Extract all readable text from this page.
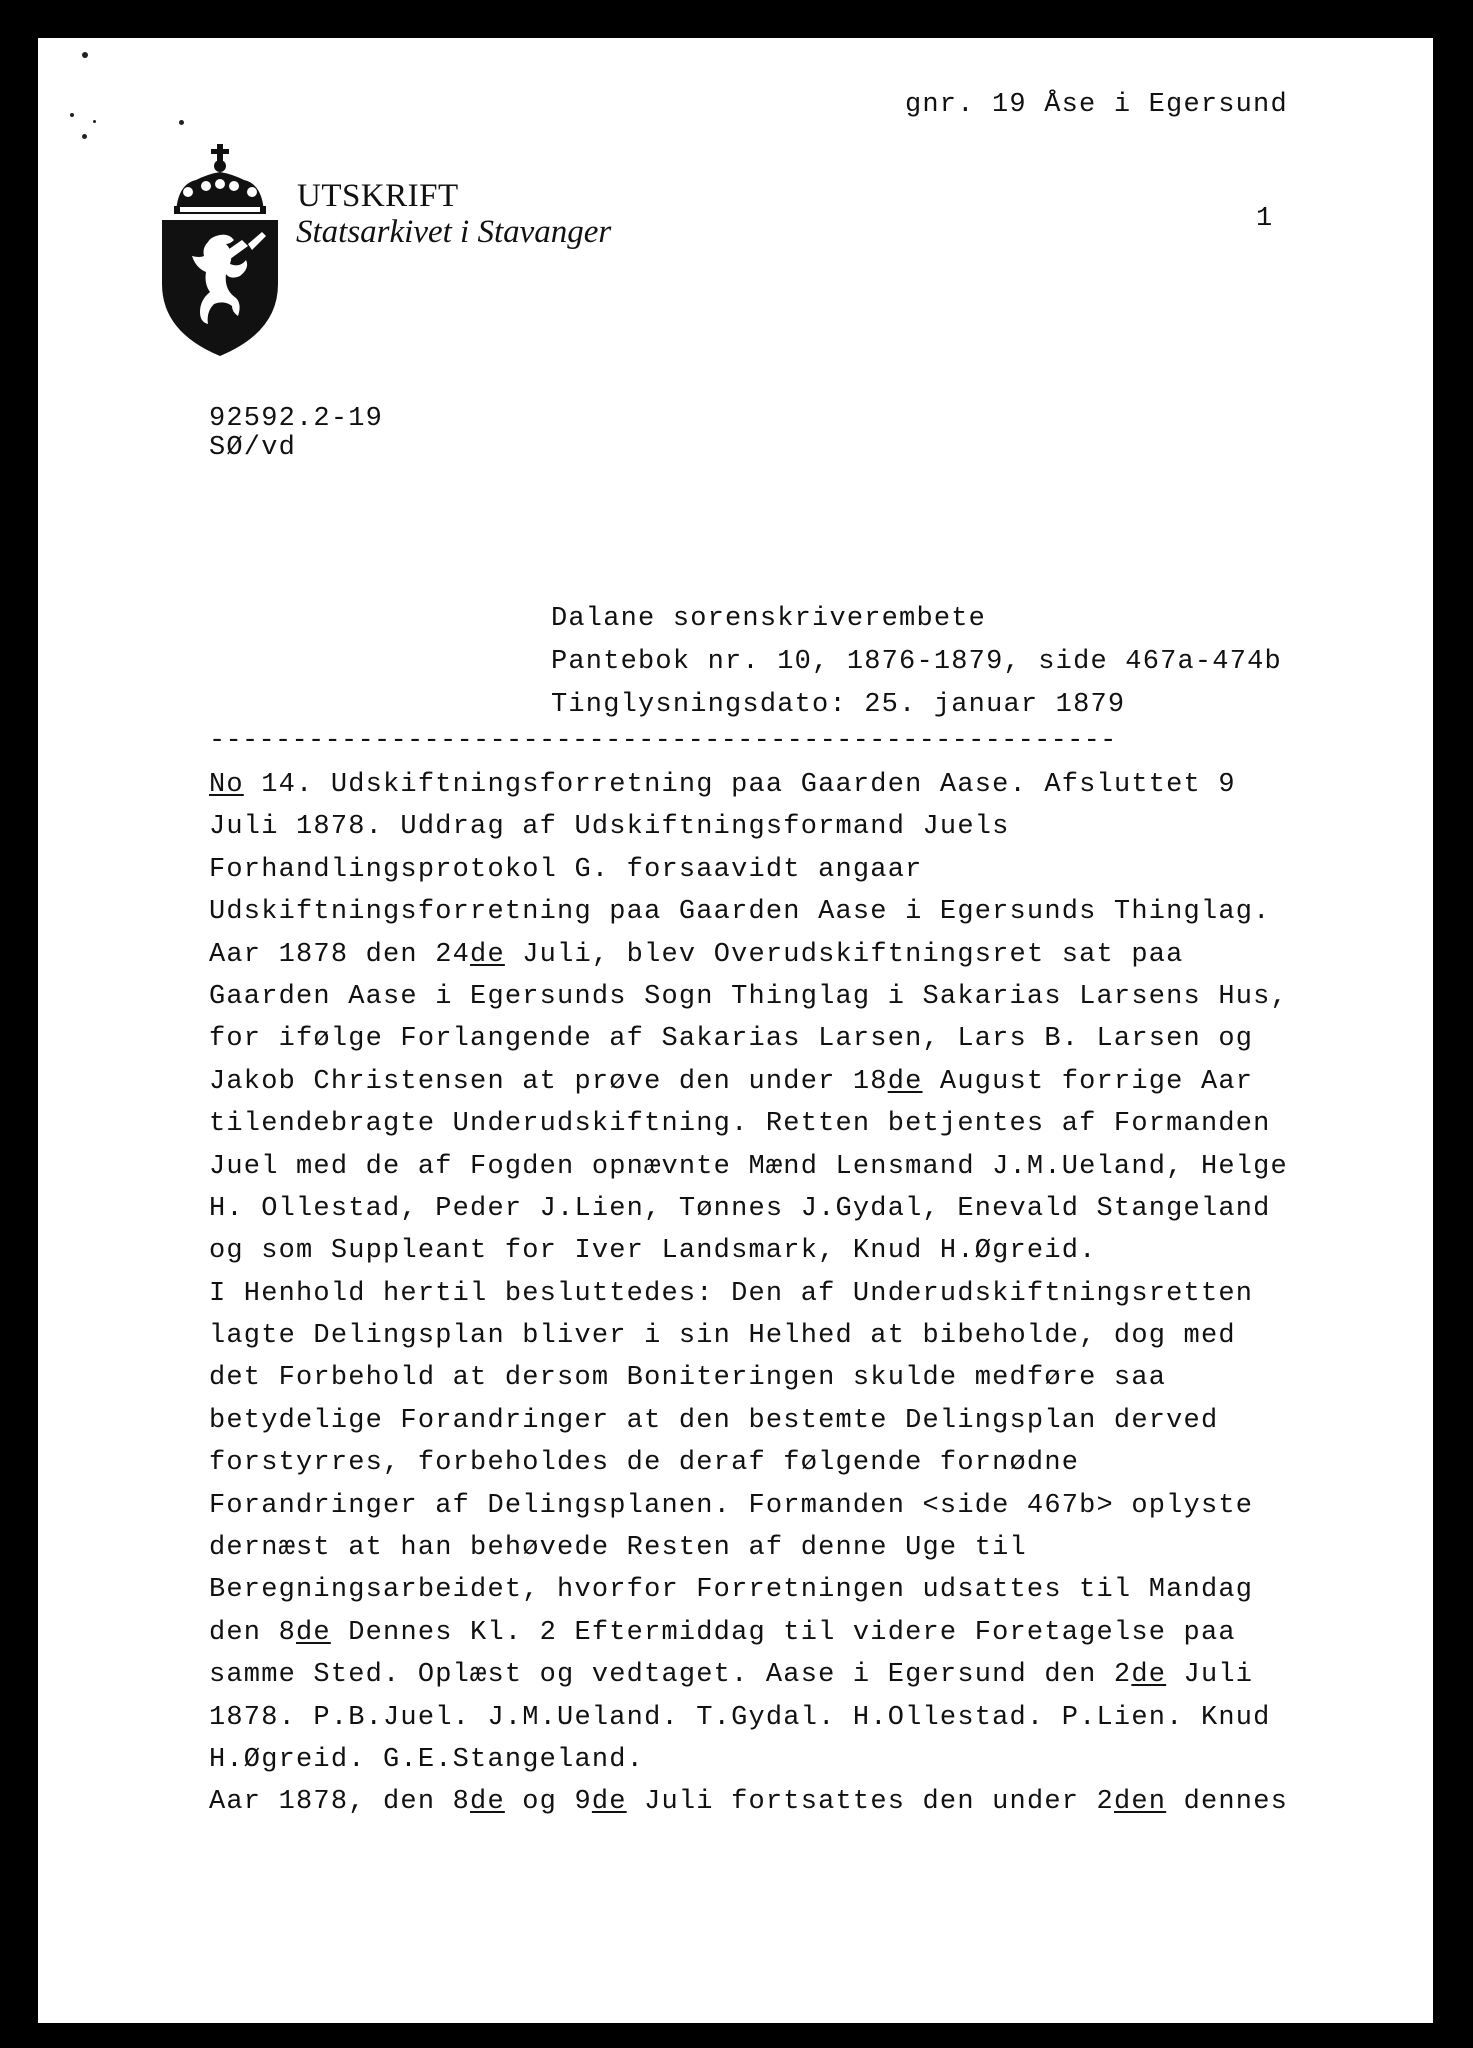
gnr. 19 Åse i Egersund
1
UTSKRIFT
Statsarkivet i Stavanger
92592.2-19
SØ/vd
Dalane sorenskriverembete
Pantebok nr. 10, 1876-1879, side 467a-474b
Tinglysningsdato: 25. januar 1879
-------------------------------------------------------
No 14. Udskiftningsforretning paa Gaarden Aase. Afsluttet 9
Juli 1878. Uddrag af Udskiftningsformand Juels
Forhandlingsprotokol G. forsaavidt angaar
Udskiftningsforretning paa Gaarden Aase i Egersunds Thinglag.
Aar 1878 den 24de Juli, blev Overudskiftningsret sat paa
Gaarden Aase i Egersunds Sogn Thinglag i Sakarias Larsens Hus,
for ifølge Forlangende af Sakarias Larsen, Lars B. Larsen og
Jakob Christensen at prøve den under 18de August forrige Aar
tilendebragte Underudskiftning. Retten betjentes af Formanden
Juel med de af Fogden opnævnte Mænd Lensmand J.M.Ueland, Helge
H. Ollestad, Peder J.Lien, Tønnes J.Gydal, Enevald Stangeland
og som Suppleant for Iver Landsmark, Knud H.Øgreid.
I Henhold hertil besluttedes: Den af Underudskiftningsretten
lagte Delingsplan bliver i sin Helhed at bibeholde, dog med
det Forbehold at dersom Boniteringen skulde medføre saa
betydelige Forandringer at den bestemte Delingsplan derved
forstyrres, forbeholdes de deraf følgende fornødne
Forandringer af Delingsplanen. Formanden <side 467b> oplyste
dernæst at han behøvede Resten af denne Uge til
Beregningsarbeidet, hvorfor Forretningen udsattes til Mandag
den 8de Dennes Kl. 2 Eftermiddag til videre Foretagelse paa
samme Sted. Oplæst og vedtaget. Aase i Egersund den 2de Juli
1878. P.B.Juel. J.M.Ueland. T.Gydal. H.Ollestad. P.Lien. Knud
H.Øgreid. G.E.Stangeland.
Aar 1878, den 8de og 9de Juli fortsattes den under 2den dennes
